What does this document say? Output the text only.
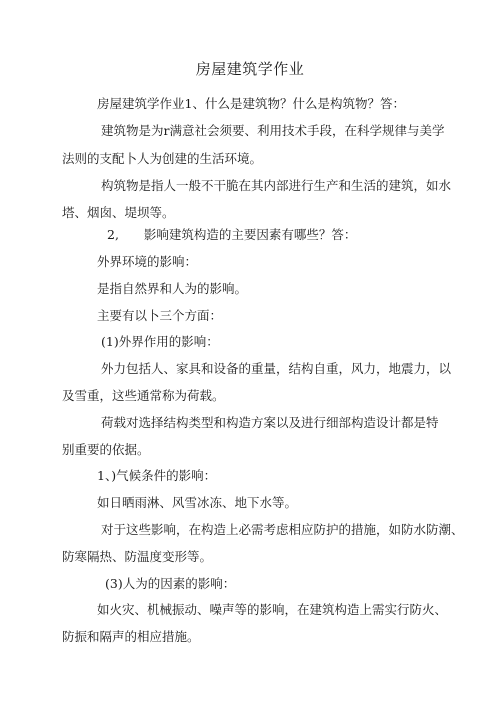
房屋建筑学作业
房屋建筑学作业1、什么是建筑物？什么是构筑物？答：
建筑物是为r满意社会须要、利用技术手段，在科学规律与美学
法则的支配卜人为创建的生活环境。
构筑物是指人一般不干脆在其内部进行生产和生活的建筑，如水
塔、烟囱、堤坝等。
2,　　影响建筑构造的主要因素有哪些？答：
外界环境的影响：
是指自然界和人为的影响。
主要有以卜三个方面：
(1)外界作用的影响：
外力包括人、家具和设备的重量，结构自重，风力，地震力，以
及雪重，这些通常称为荷载。
荷载对选择结构类型和构造方案以及进行细部构造设计都是特
别重要的依据。
1、)气候条件的影响：
如日晒雨淋、风雪冰冻、地下水等。
对于这些影响，在构造上必需考虑相应防护的措施，如防水防潮、
防寒隔热、防温度变形等。
(3)人为的因素的影响：
如火灾、机械振动、噪声等的影响，在建筑构造上需实行防火、
防振和隔声的相应措施。
